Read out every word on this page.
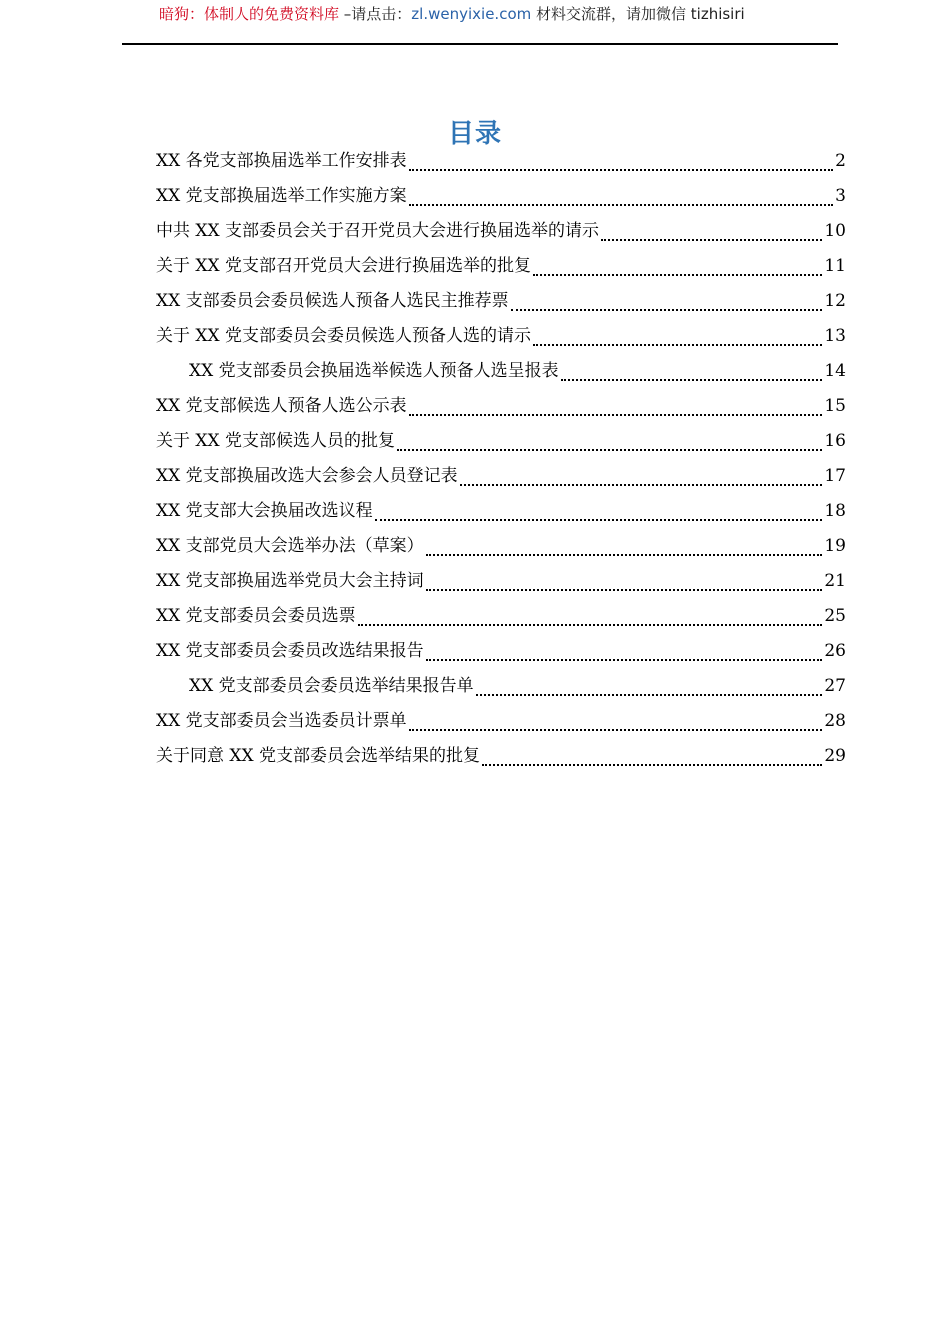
暗狗：体制人的免费资料库 –请点击：zl.wenyixie.com 材料交流群，请加微信 tizhisiri
目录
XX 各党支部换届选举工作安排表	2
XX 党支部换届选举工作实施方案	3
中共 XX 支部委员会关于召开党员大会进行换届选举的请示	10
关于 XX 党支部召开党员大会进行换届选举的批复	11
XX 支部委员会委员候选人预备人选民主推荐票	12
关于 XX 党支部委员会委员候选人预备人选的请示	13
XX 党支部委员会换届选举候选人预备人选呈报表	14
XX 党支部候选人预备人选公示表	15
关于 XX 党支部候选人员的批复	16
XX 党支部换届改选大会参会人员登记表	17
XX 党支部大会换届改选议程	18
XX 支部党员大会选举办法（草案）	19
XX 党支部换届选举党员大会主持词	21
XX 党支部委员会委员选票	25
XX 党支部委员会委员改选结果报告	26
XX 党支部委员会委员选举结果报告单	27
XX 党支部委员会当选委员计票单	28
关于同意 XX 党支部委员会选举结果的批复	29
